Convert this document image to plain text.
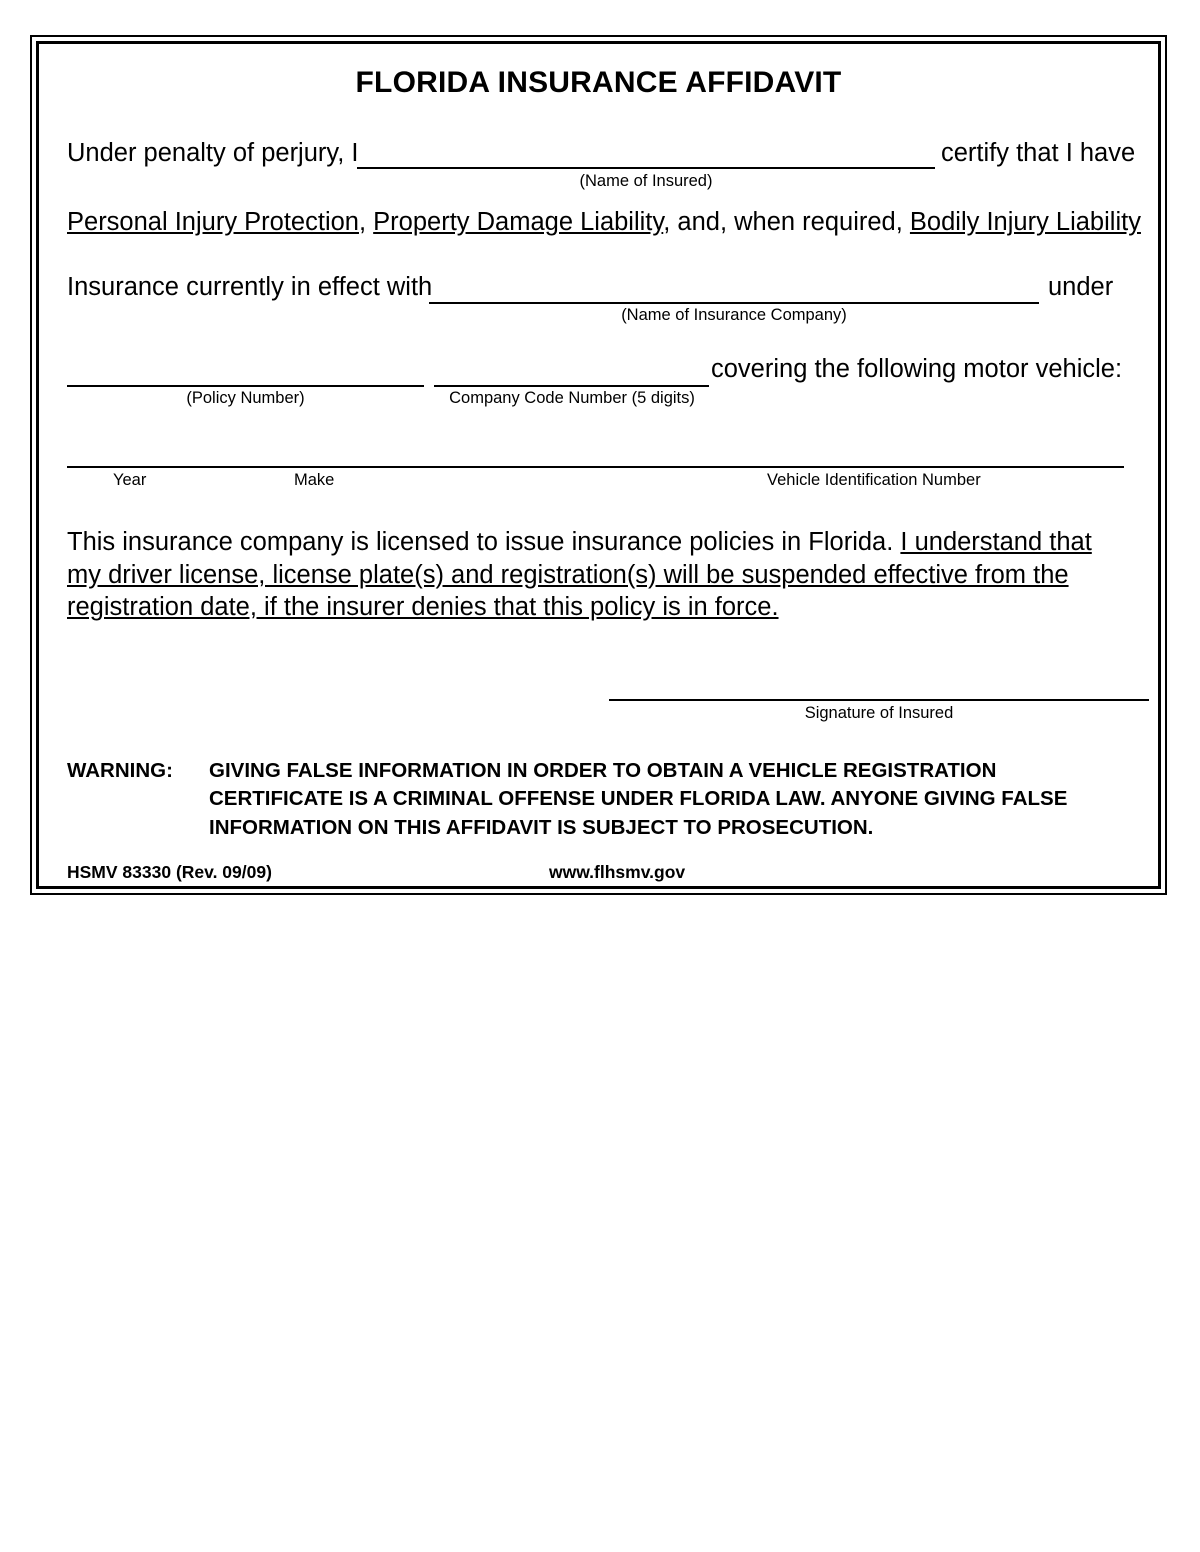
FLORIDA INSURANCE AFFIDAVIT
Under penalty of perjury, I
(Name of Insured)
certify that I have
Personal Injury Protection, Property Damage Liability, and, when required, Bodily Injury Liability
Insurance currently in effect with
(Name of Insurance Company)
under
(Policy Number)	Company Code Number (5 digits)
covering the following motor vehicle:
Year	Make	Vehicle Identification Number
This insurance company is licensed to issue insurance policies in Florida. I understand that my driver license, license plate(s) and registration(s) will be suspended effective from the registration date, if the insurer denies that this policy is in force.
Signature of Insured
WARNING: GIVING FALSE INFORMATION IN ORDER TO OBTAIN A VEHICLE REGISTRATION CERTIFICATE IS A CRIMINAL OFFENSE UNDER FLORIDA LAW. ANYONE GIVING FALSE INFORMATION ON THIS AFFIDAVIT IS SUBJECT TO PROSECUTION.
HSMV 83330 (Rev. 09/09)	www.flhsmv.gov
